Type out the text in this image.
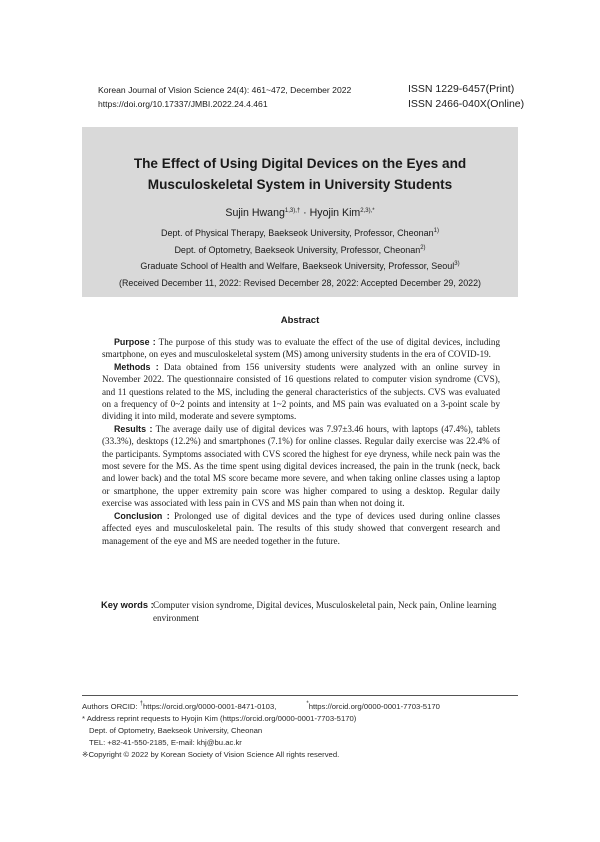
Korean Journal of Vision Science 24(4): 461~472, December 2022
https://doi.org/10.17337/JMBI.2022.24.4.461
ISSN 1229-6457(Print)
ISSN 2466-040X(Online)
The Effect of Using Digital Devices on the Eyes and
Musculoskeletal System in University Students
Sujin Hwang$^{1,3),\dagger}$ · Hyojin Kim$^{2,3),*}$
Dept. of Physical Therapy, Baekseok University, Professor, Cheonan$^{1)}$
Dept. of Optometry, Baekseok University, Professor, Cheonan$^{2)}$
Graduate School of Health and Welfare, Baekseok University, Professor, Seoul$^{3)}$
(Received December 11, 2022: Revised December 28, 2022: Accepted December 29, 2022)
Abstract

Purpose : The purpose of this study was to evaluate the effect of the use of digital devices, including smartphone, on eyes and musculoskeletal system (MS) among university students in the era of COVID-19.

Methods : Data obtained from 156 university students were analyzed with an online survey in November 2022. The questionnaire consisted of 16 questions related to computer vision syndrome (CVS), and 11 questions related to the MS, including the general characteristics of the subjects. CVS was evaluated on a frequency of 0~2 points and intensity at 1~2 points, and MS pain was evaluated on a 3-point scale by dividing it into mild, moderate and severe symptoms.

Results : The average daily use of digital devices was 7.97±3.46 hours, with laptops (47.4%), tablets (33.3%), desktops (12.2%) and smartphones (7.1%) for online classes. Regular daily exercise was 22.4% of the participants. Symptoms associated with CVS scored the highest for eye dryness, while neck pain was the most severe for the MS. As the time spent using digital devices increased, the pain in the trunk (neck, back and lower back) and the total MS score became more severe, and when taking online classes using a laptop or smartphone, the upper extremity pain score was higher compared to using a desktop. Regular daily exercise was associated with less pain in CVS and MS pain than when not doing it.

Conclusion : Prolonged use of digital devices and the type of devices used during online classes affected eyes and musculoskeletal pain. The results of this study showed that convergent research and management of the eye and MS are needed together in the future.

Key words : Computer vision syndrome, Digital devices, Musculoskeletal pain, Neck pain, Online learning environment
Authors ORCID: †https://orcid.org/0000-0001-8471-0103,	*https://orcid.org/0000-0001-7703-5170
* Address reprint requests to Hyojin Kim (https://orcid.org/0000-0001-7703-5170)
Dept. of Optometry, Baekseok University, Cheonan
TEL: +82-41-550-2185, E-mail: khj@bu.ac.kr
※Copyright © 2022 by Korean Society of Vision Science All rights reserved.
